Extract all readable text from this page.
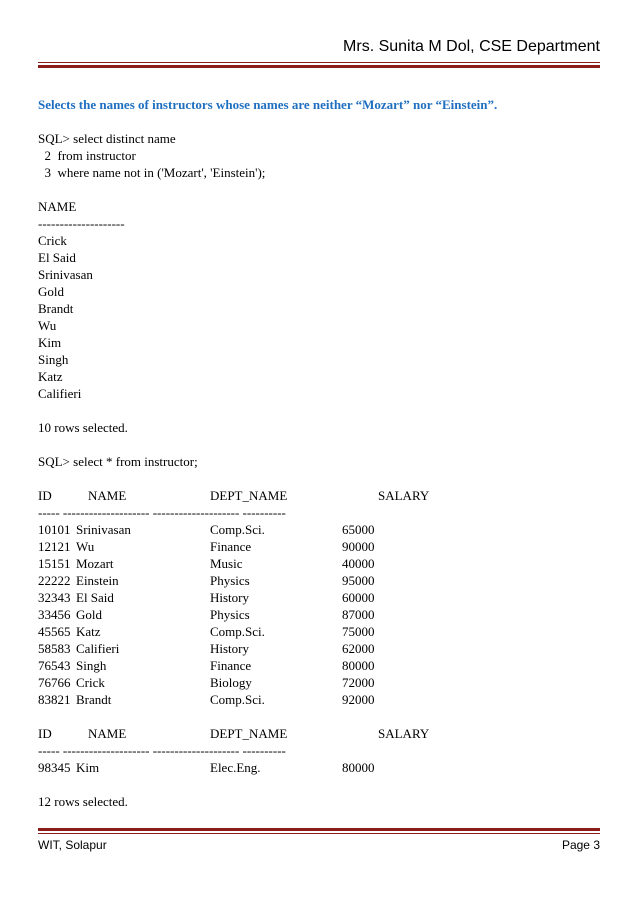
Mrs. Sunita M Dol, CSE Department
Selects the names of instructors whose names are neither “Mozart” nor “Einstein”.
SQL> select distinct name
2  from instructor
3  where name not in ('Mozart', 'Einstein');
NAME
--------------------
Crick
El Said
Srinivasan
Gold
Brandt
Wu
Kim
Singh
Katz
Califieri
10 rows selected.
SQL> select * from instructor;
ID	NAME	DEPT_NAME	SALARY
----- -------------------- -------------------- ----------			
10101	Srinivasan	Comp.Sci.	65000
12121	Wu	Finance	90000
15151	Mozart	Music	40000
22222	Einstein	Physics	95000
32343	El Said	History	60000
33456	Gold	Physics	87000
45565	Katz	Comp.Sci.	75000
58583	Califieri	History	62000
76543	Singh	Finance	80000
76766	Crick	Biology	72000
83821	Brandt	Comp.Sci.	92000
ID	NAME	DEPT_NAME	SALARY
----- -------------------- -------------------- ----------			
98345	Kim	Elec.Eng.	80000
12 rows selected.
WIT, Solapur	Page 3
